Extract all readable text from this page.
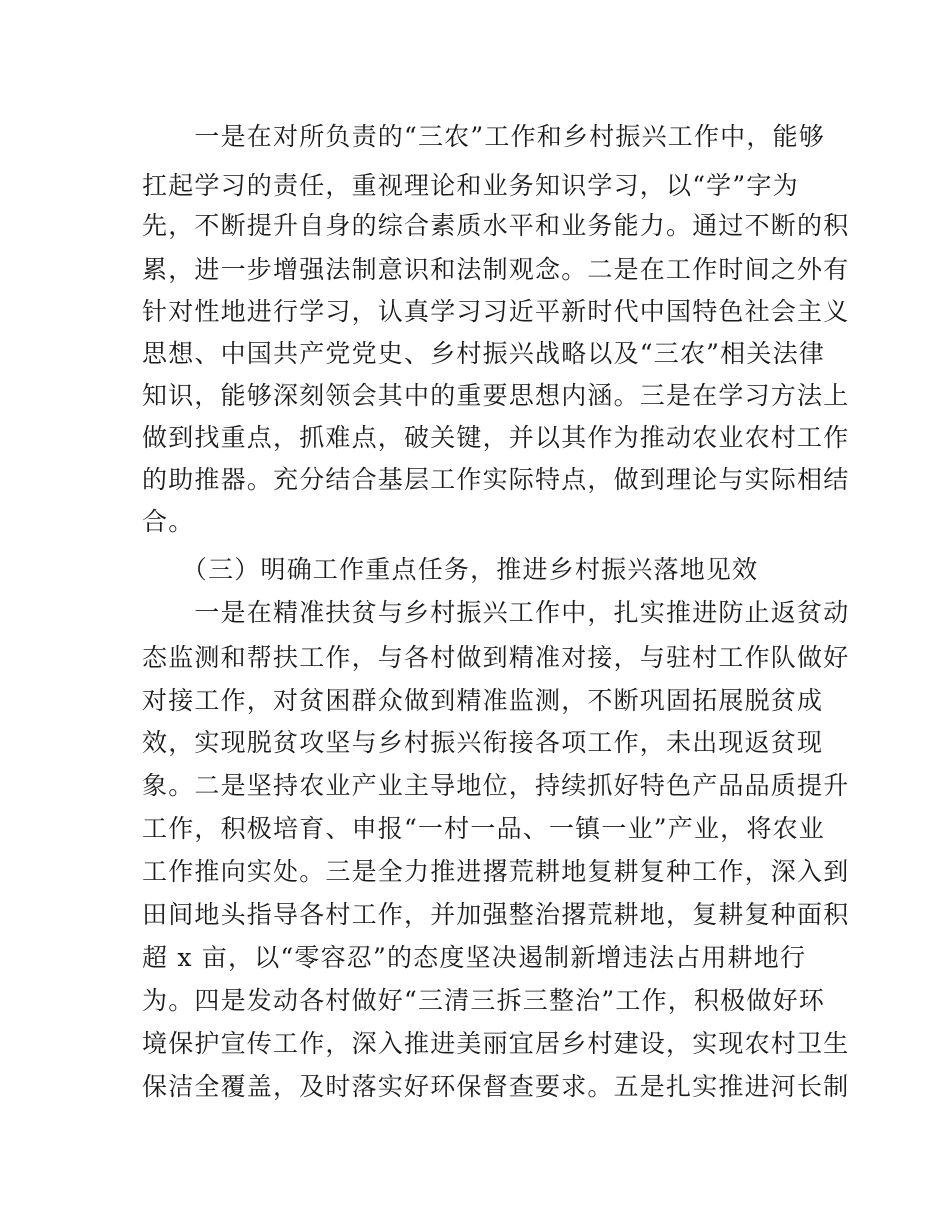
　　一是在对所负责的“三农”工作和乡村振兴工作中，能够
扛起学习的责任，重视理论和业务知识学习，以“学”字为
先，不断提升自身的综合素质水平和业务能力。通过不断的积
累，进一步增强法制意识和法制观念。二是在工作时间之外有
针对性地进行学习，认真学习习近平新时代中国特色社会主义
思想、中国共产党党史、乡村振兴战略以及“三农”相关法律
知识，能够深刻领会其中的重要思想内涵。三是在学习方法上
做到找重点，抓难点，破关键，并以其作为推动农业农村工作
的助推器。充分结合基层工作实际特点，做到理论与实际相结
合。
　　（三）明确工作重点任务，推进乡村振兴落地见效
　　一是在精准扶贫与乡村振兴工作中，扎实推进防止返贫动
态监测和帮扶工作，与各村做到精准对接，与驻村工作队做好
对接工作，对贫困群众做到精准监测，不断巩固拓展脱贫成
效，实现脱贫攻坚与乡村振兴衔接各项工作，未出现返贫现
象。二是坚持农业产业主导地位，持续抓好特色产品品质提升
工作，积极培育、申报“一村一品、一镇一业”产业，将农业
工作推向实处。三是全力推进撂荒耕地复耕复种工作，深入到
田间地头指导各村工作，并加强整治撂荒耕地，复耕复种面积
超 x 亩，以“零容忍”的态度坚决遏制新增违法占用耕地行
为。四是发动各村做好“三清三拆三整治”工作，积极做好环
境保护宣传工作，深入推进美丽宜居乡村建设，实现农村卫生
保洁全覆盖，及时落实好环保督查要求。五是扎实推进河长制
